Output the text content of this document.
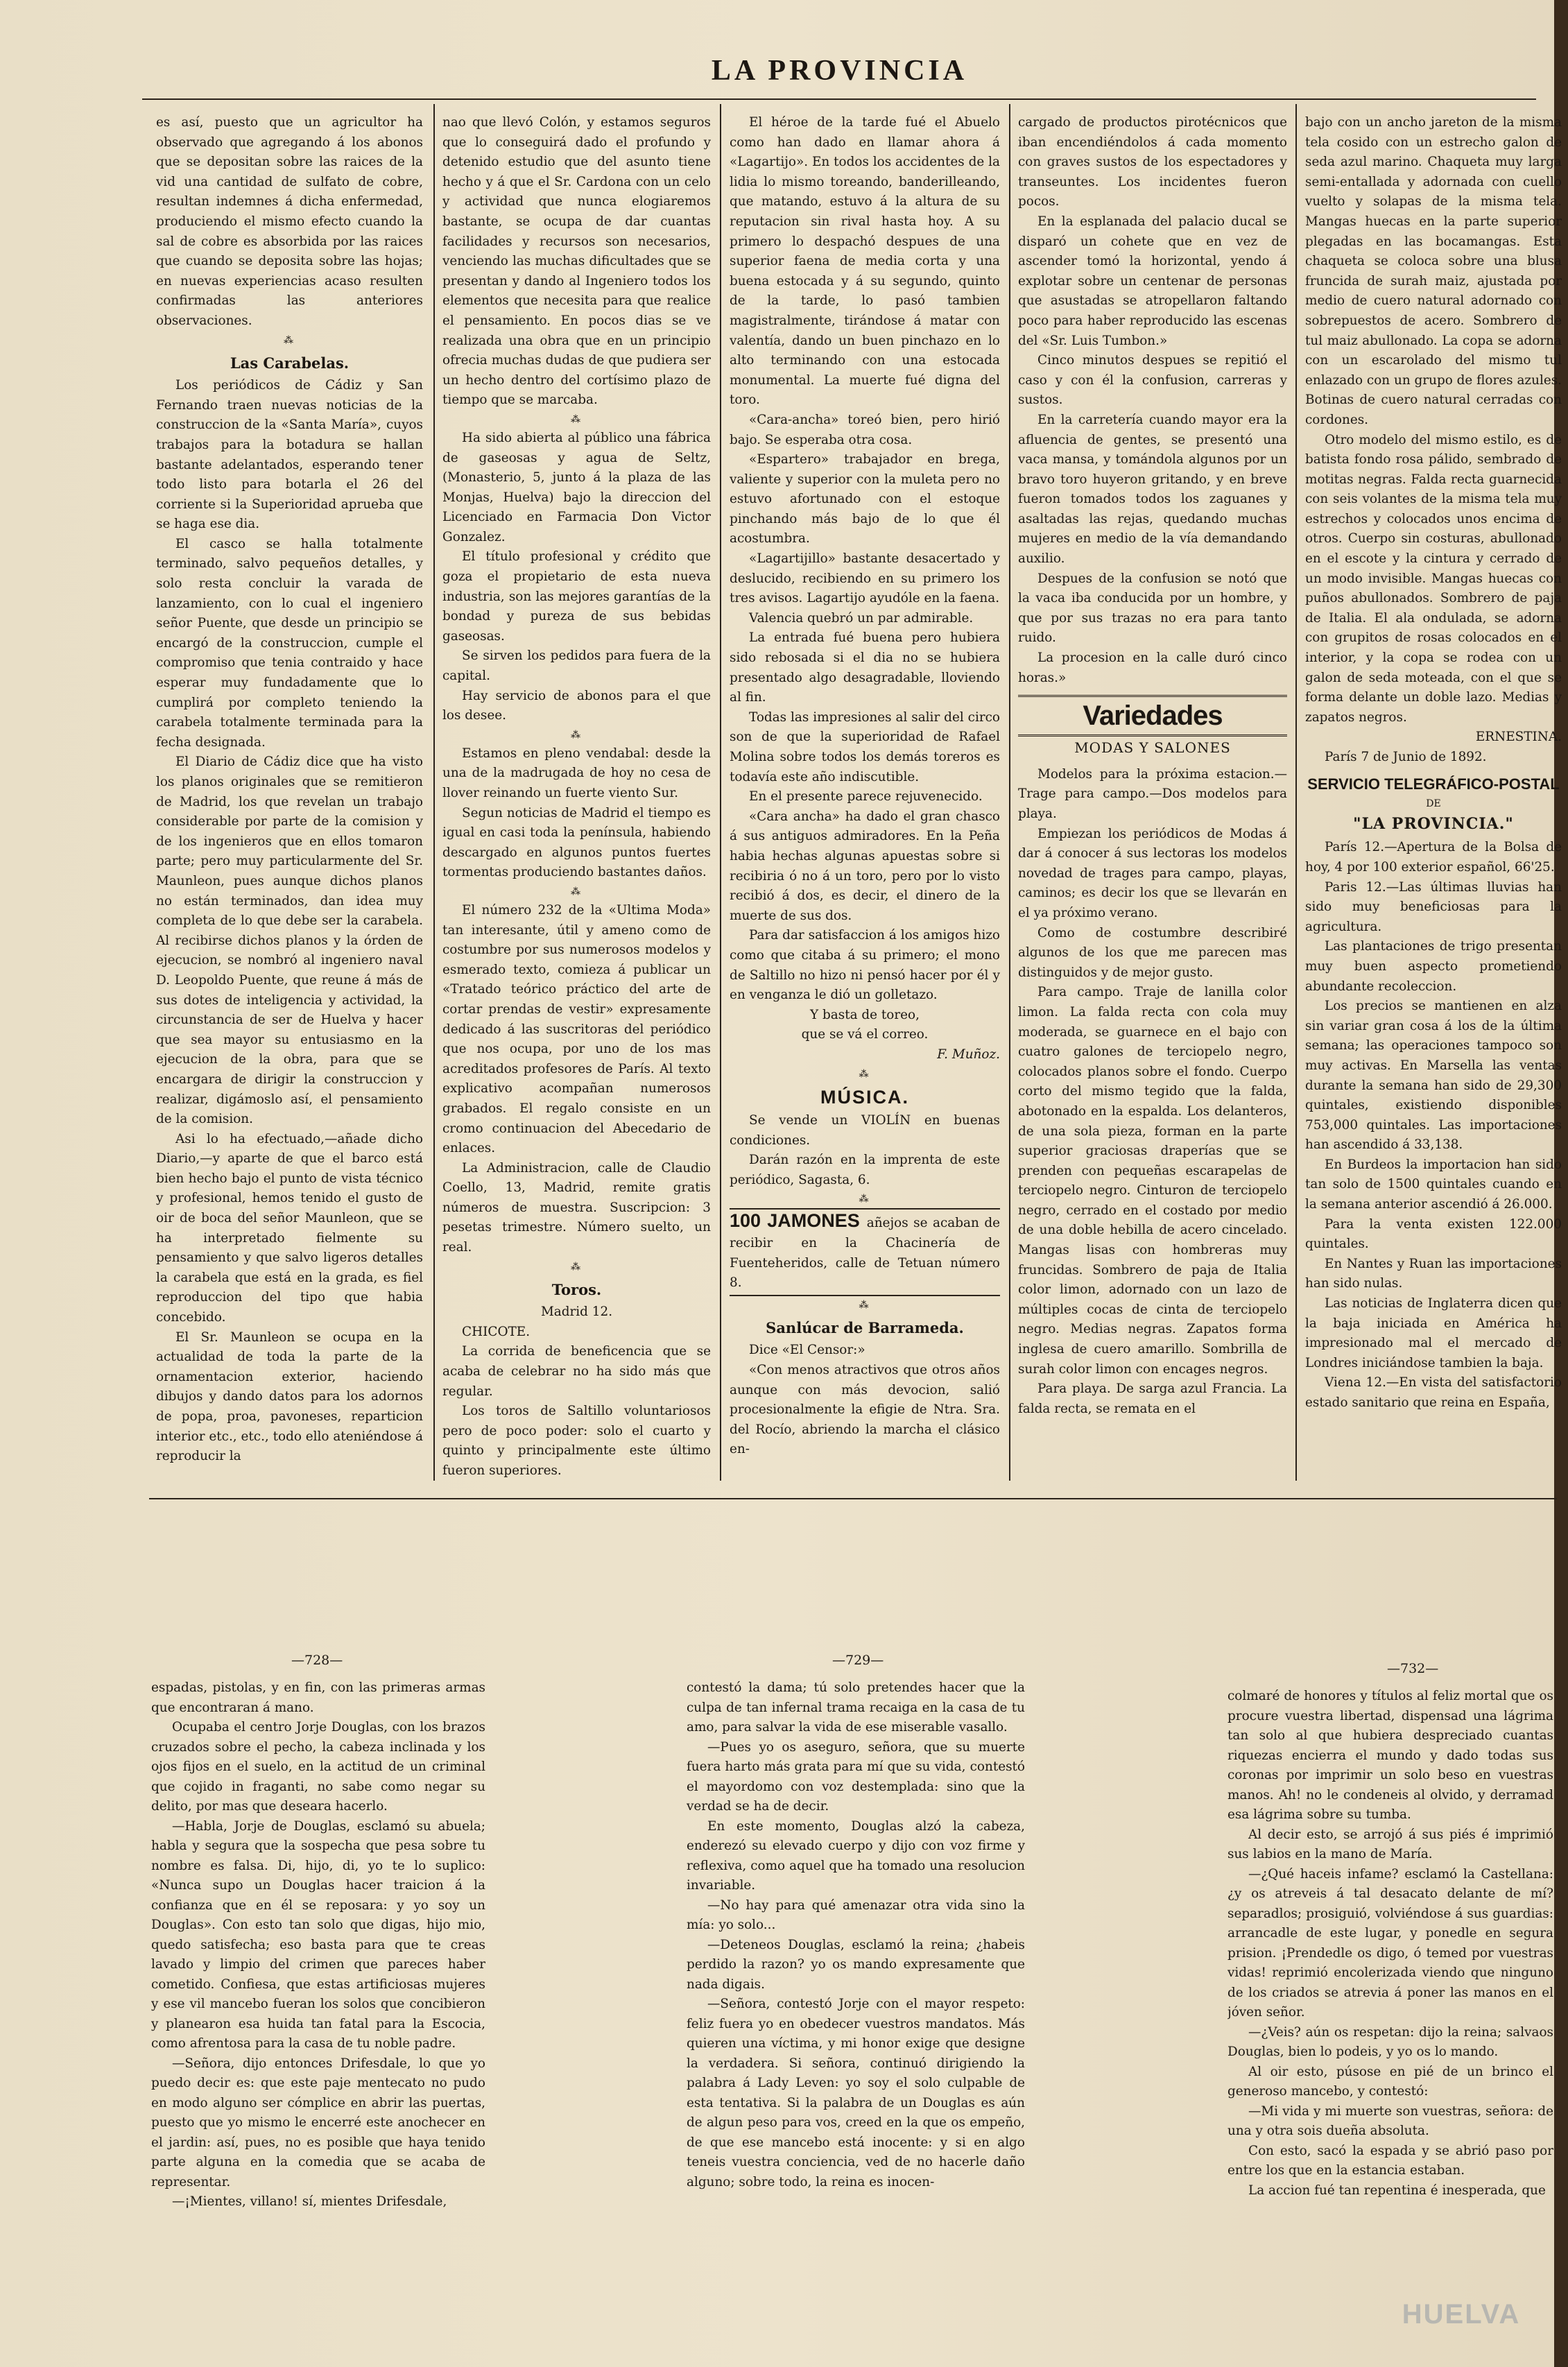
LA PROVINCIA

es así, puesto que un agricultor ha observado que agregando á los abonos que se depositan sobre las raices de la vid una cantidad de sulfato de cobre, resultan indemnes á dicha enfermedad, produciendo el mismo efecto cuando la sal de cobre es absorbida por las raices que cuando se deposita sobre las hojas; en nuevas experiencias acaso resulten confirmadas las anteriores observaciones.

⁂
Las Carabelas.

Los periódicos de Cádiz y San Fernando traen nuevas noticias de la construccion de la «Santa María», cuyos trabajos para la botadura se hallan bastante adelantados, esperando tener todo listo para botarla el 26 del corriente si la Superioridad aprueba que se haga ese dia.

El casco se halla totalmente terminado, salvo pequeños detalles, y solo resta concluir la varada de lanzamiento, con lo cual el ingeniero señor Puente, que desde un principio se encargó de la construccion, cumple el compromiso que tenia contraido y hace esperar muy fundadamente que lo cumplirá por completo teniendo la carabela totalmente terminada para la fecha designada.

El Diario de Cádiz dice que ha visto los planos originales que se remitieron de Madrid, los que revelan un trabajo considerable por parte de la comision y de los ingenieros que en ellos tomaron parte; pero muy particularmente del Sr. Maunleon, pues aunque dichos planos no están terminados, dan idea muy completa de lo que debe ser la carabela. Al recibirse dichos planos y la órden de ejecucion, se nombró al ingeniero naval D. Leopoldo Puente, que reune á más de sus dotes de inteligencia y actividad, la circunstancia de ser de Huelva y hacer que sea mayor su entusiasmo en la ejecucion de la obra, para que se encargara de dirigir la construccion y realizar, digámoslo así, el pensamiento de la comision.

Asi lo ha efectuado,—añade dicho Diario,—y aparte de que el barco está bien hecho bajo el punto de vista técnico y profesional, hemos tenido el gusto de oir de boca del señor Maunleon, que se ha interpretado fielmente su pensamiento y que salvo ligeros detalles la carabela que está en la grada, es fiel reproduccion del tipo que habia concebido.

El Sr. Maunleon se ocupa en la actualidad de toda la parte de la ornamentacion exterior, haciendo dibujos y dando datos para los adornos de popa, proa, pavoneses, reparticion interior etc., etc., todo ello ateniéndose á reproducir la

nao que llevó Colón, y estamos seguros que lo conseguirá dado el profundo y detenido estudio que del asunto tiene hecho y á que el Sr. Cardona con un celo y actividad que nunca elogiaremos bastante, se ocupa de dar cuantas facilidades y recursos son necesarios, venciendo las muchas dificultades que se presentan y dando al Ingeniero todos los elementos que necesita para que realice el pensamiento. En pocos dias se ve realizada una obra que en un principio ofrecia muchas dudas de que pudiera ser un hecho dentro del cortísimo plazo de tiempo que se marcaba.

⁂

Ha sido abierta al público una fábrica de gaseosas y agua de Seltz, (Monasterio, 5, junto á la plaza de las Monjas, Huelva) bajo la direccion del Licenciado en Farmacia Don Victor Gonzalez.

El título profesional y crédito que goza el propietario de esta nueva industria, son las mejores garantías de la bondad y pureza de sus bebidas gaseosas.

Se sirven los pedidos para fuera de la capital.

Hay servicio de abonos para el que los desee.

⁂

Estamos en pleno vendabal: desde la una de la madrugada de hoy no cesa de llover reinando un fuerte viento Sur.

Segun noticias de Madrid el tiempo es igual en casi toda la península, habiendo descargado en algunos puntos fuertes tormentas produciendo bastantes daños.

⁂

El número 232 de la «Ultima Moda» tan interesante, útil y ameno como de costumbre por sus numerosos modelos y esmerado texto, comieza á publicar un «Tratado teórico práctico del arte de cortar prendas de vestir» expresamente dedicado á las suscritoras del periódico que nos ocupa, por uno de los mas acreditados profesores de París. Al texto explicativo acompañan numerosos grabados. El regalo consiste en un cromo continuacion del Abecedario de enlaces.

La Administracion, calle de Claudio Coello, 13, Madrid, remite gratis números de muestra. Suscripcion: 3 pesetas trimestre. Número suelto, un real.

⁂
Toros.
Madrid 12.

CHICOTE.

La corrida de beneficencia que se acaba de celebrar no ha sido más que regular.

Los toros de Saltillo voluntariosos pero de poco poder: solo el cuarto y quinto y principalmente este último fueron superiores.

El héroe de la tarde fué el Abuelo como han dado en llamar ahora á «Lagartijo». En todos los accidentes de la lidia lo mismo toreando, banderilleando, que matando, estuvo á la altura de su reputacion sin rival hasta hoy. A su primero lo despachó despues de una superior faena de media corta y una buena estocada y á su segundo, quinto de la tarde, lo pasó tambien magistralmente, tirándose á matar con valentía, dando un buen pinchazo en lo alto terminando con una estocada monumental. La muerte fué digna del toro.

«Cara-ancha» toreó bien, pero hirió bajo. Se esperaba otra cosa.

«Espartero» trabajador en brega, valiente y superior con la muleta pero no estuvo afortunado con el estoque pinchando más bajo de lo que él acostumbra.

«Lagartijillo» bastante desacertado y deslucido, recibiendo en su primero los tres avisos. Lagartijo ayudóle en la faena.

Valencia quebró un par admirable.

La entrada fué buena pero hubiera sido rebosada si el dia no se hubiera presentado algo desagradable, lloviendo al fin.

Todas las impresiones al salir del circo son de que la superioridad de Rafael Molina sobre todos los demás toreros es todavía este año indiscutible.

En el presente parece rejuvenecido.

«Cara ancha» ha dado el gran chasco á sus antiguos admiradores. En la Peña habia hechas algunas apuestas sobre si recibiria ó no á un toro, pero por lo visto recibió á dos, es decir, el dinero de la muerte de sus dos.

Para dar satisfaccion á los amigos hizo como que citaba á su primero; el mono de Saltillo no hizo ni pensó hacer por él y en venganza le dió un golletazo.

Y basta de toreo,
que se vá el correo.
F. Muñoz.
⁂
MÚSICA.

Se vende un VIOLÍN en buenas condiciones.

Darán razón en la imprenta de este periódico, Sagasta, 6.

⁂
100 JAMONES añejos se acaban de recibir en la Chacinería de Fuenteheridos, calle de Tetuan número 8.
⁂
Sanlúcar de Barrameda.

Dice «El Censor:»

«Con menos atractivos que otros años aunque con más devocion, salió procesionalmente la efigie de Ntra. Sra. del Rocío, abriendo la marcha el clásico en-

cargado de productos pirotécnicos que iban encendiéndolos á cada momento con graves sustos de los espectadores y transeuntes. Los incidentes fueron pocos.

En la esplanada del palacio ducal se disparó un cohete que en vez de ascender tomó la horizontal, yendo á explotar sobre un centenar de personas que asustadas se atropellaron faltando poco para haber reproducido las escenas del «Sr. Luis Tumbon.»

Cinco minutos despues se repitió el caso y con él la confusion, carreras y sustos.

En la carretería cuando mayor era la afluencia de gentes, se presentó una vaca mansa, y tomándola algunos por un bravo toro huyeron gritando, y en breve fueron tomados todos los zaguanes y asaltadas las rejas, quedando muchas mujeres en medio de la vía demandando auxilio.

Despues de la confusion se notó que la vaca iba conducida por un hombre, y que por sus trazas no era para tanto ruido.

La procesion en la calle duró cinco horas.»

Variedades
MODAS Y SALONES

Modelos para la próxima estacion.—Trage para campo.—Dos modelos para playa.

Empiezan los periódicos de Modas á dar á conocer á sus lectoras los modelos novedad de trages para campo, playas, caminos; es decir los que se llevarán en el ya próximo verano.

Como de costumbre describiré algunos de los que me parecen mas distinguidos y de mejor gusto.

Para campo. Traje de lanilla color limon. La falda recta con cola muy moderada, se guarnece en el bajo con cuatro galones de terciopelo negro, colocados planos sobre el fondo. Cuerpo corto del mismo tegido que la falda, abotonado en la espalda. Los delanteros, de una sola pieza, forman en la parte superior graciosas draperías que se prenden con pequeñas escarapelas de terciopelo negro. Cinturon de terciopelo negro, cerrado en el costado por medio de una doble hebilla de acero cincelado. Mangas lisas con hombreras muy fruncidas. Sombrero de paja de Italia color limon, adornado con un lazo de múltiples cocas de cinta de terciopelo negro. Medias negras. Zapatos forma inglesa de cuero amarillo. Sombrilla de surah color limon con encages negros.

Para playa. De sarga azul Francia. La falda recta, se remata en el

bajo con un ancho jareton de la misma tela cosido con un estrecho galon de seda azul marino. Chaqueta muy larga semi-entallada y adornada con cuello vuelto y solapas de la misma tela. Mangas huecas en la parte superior plegadas en las bocamangas. Esta chaqueta se coloca sobre una blusa fruncida de surah maiz, ajustada por medio de cuero natural adornado con sobrepuestos de acero. Sombrero de tul maiz abullonado. La copa se adorna con un escarolado del mismo tul enlazado con un grupo de flores azules. Botinas de cuero natural cerradas con cordones.

Otro modelo del mismo estilo, es de batista fondo rosa pálido, sembrado de motitas negras. Falda recta guarnecida con seis volantes de la misma tela muy estrechos y colocados unos encima de otros. Cuerpo sin costuras, abullonado en el escote y la cintura y cerrado de un modo invisible. Mangas huecas con puños abullonados. Sombrero de paja de Italia. El ala ondulada, se adorna con grupitos de rosas colocados en el interior, y la copa se rodea con un galon de seda moteada, con el que se forma delante un doble lazo. Medias y zapatos negros.

ERNESTINA.

París 7 de Junio de 1892.

SERVICIO TELEGRÁFICO-POSTAL
DE
"LA PROVINCIA."

París 12.—Apertura de la Bolsa de hoy, 4 por 100 exterior español, 66'25.

Paris 12.—Las últimas lluvias han sido muy beneficiosas para la agricultura.

Las plantaciones de trigo presentan muy buen aspecto prometiendo abundante recoleccion.

Los precios se mantienen en alza sin variar gran cosa á los de la última semana; las operaciones tampoco son muy activas. En Marsella las ventas durante la semana han sido de 29,300 quintales, existiendo disponibles 753,000 quintales. Las importaciones han ascendido á 33,138.

En Burdeos la importacion han sido tan solo de 1500 quintales cuando en la semana anterior ascendió á 26.000.

Para la venta existen 122.000 quintales.

En Nantes y Ruan las importaciones han sido nulas.

Las noticias de Inglaterra dicen que la baja iniciada en América ha impresionado mal el mercado de Londres iniciándose tambien la baja.

Viena 12.—En vista del satisfactorio estado sanitario que reina en España,

—728—	—729—
—732—

espadas, pistolas, y en fin, con las primeras armas que encontraran á mano.

Ocupaba el centro Jorje Douglas, con los brazos cruzados sobre el pecho, la cabeza inclinada y los ojos fijos en el suelo, en la actitud de un criminal que cojido in fraganti, no sabe como negar su delito, por mas que deseara hacerlo.

—Habla, Jorje de Douglas, esclamó su abuela; habla y segura que la sospecha que pesa sobre tu nombre es falsa. Di, hijo, di, yo te lo suplico: «Nunca supo un Douglas hacer traicion á la confianza que en él se reposara: y yo soy un Douglas». Con esto tan solo que digas, hijo mio, quedo satisfecha; eso basta para que te creas lavado y limpio del crimen que pareces haber cometido. Confiesa, que estas artificiosas mujeres y ese vil mancebo fueran los solos que concibieron y planearon esa huida tan fatal para la Escocia, como afrentosa para la casa de tu noble padre.

—Señora, dijo entonces Drifesdale, lo que yo puedo decir es: que este paje mentecato no pudo en modo alguno ser cómplice en abrir las puertas, puesto que yo mismo le encerré este anochecer en el jardin: así, pues, no es posible que haya tenido parte alguna en la comedia que se acaba de representar.

—¡Mientes, villano! sí, mientes Drifesdale,

contestó la dama; tú solo pretendes hacer que la culpa de tan infernal trama recaiga en la casa de tu amo, para salvar la vida de ese miserable vasallo.

—Pues yo os aseguro, señora, que su muerte fuera harto más grata para mí que su vida, contestó el mayordomo con voz destemplada: sino que la verdad se ha de decir.

En este momento, Douglas alzó la cabeza, enderezó su elevado cuerpo y dijo con voz firme y reflexiva, como aquel que ha tomado una resolucion invariable.

—No hay para qué amenazar otra vida sino la mía: yo solo...

—Deteneos Douglas, esclamó la reina; ¿habeis perdido la razon? yo os mando expresamente que nada digais.

—Señora, contestó Jorje con el mayor respeto: feliz fuera yo en obedecer vuestros mandatos. Más quieren una víctima, y mi honor exige que designe la verdadera. Si señora, continuó dirigiendo la palabra á Lady Leven: yo soy el solo culpable de esta tentativa. Si la palabra de un Douglas es aún de algun peso para vos, creed en la que os empeño, de que ese mancebo está inocente: y si en algo teneis vuestra conciencia, ved de no hacerle daño alguno; sobre todo, la reina es inocen-

colmaré de honores y títulos al feliz mortal que os procure vuestra libertad, dispensad una lágrima tan solo al que hubiera despreciado cuantas riquezas encierra el mundo y dado todas sus coronas por imprimir un solo beso en vuestras manos. Ah! no le condeneis al olvido, y derramad esa lágrima sobre su tumba.

Al decir esto, se arrojó á sus piés é imprimió sus labios en la mano de María.

—¿Qué haceis infame? esclamó la Castellana: ¿y os atreveis á tal desacato delante de mí? separadlos; prosiguió, volviéndose á sus guardias: arrancadle de este lugar, y ponedle en segura prision. ¡Prendedle os digo, ó temed por vuestras vidas! reprimió encolerizada viendo que ninguno de los criados se atrevia á poner las manos en el jóven señor.

—¿Veis? aún os respetan: dijo la reina; salvaos Douglas, bien lo podeis, y yo os lo mando.

Al oir esto, púsose en pié de un brinco el generoso mancebo, y contestó:

—Mi vida y mi muerte son vuestras, señora: de una y otra sois dueña absoluta.

Con esto, sacó la espada y se abrió paso por entre los que en la estancia estaban.

La accion fué tan repentina é inesperada, que

HUELVA
